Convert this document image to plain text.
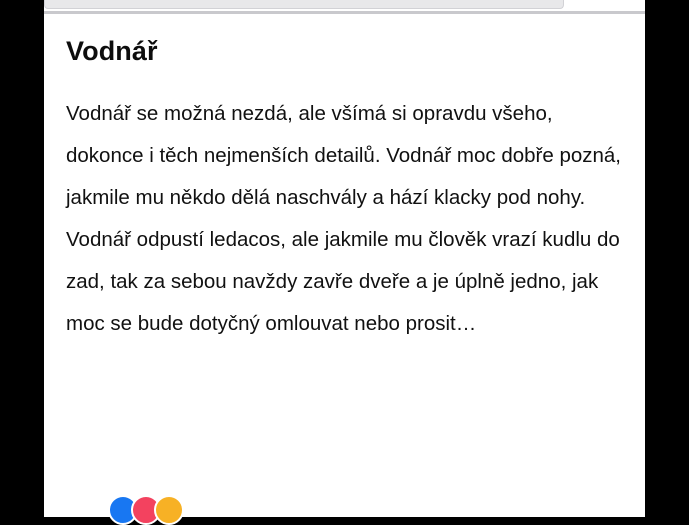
Vodnář

Vodnář se možná nezdá, ale všímá si opravdu všeho, dokonce i těch nejmenších detailů. Vodnář moc dobře pozná, jakmile mu někdo dělá naschvály a hází klacky pod nohy. Vodnář odpustí ledacos, ale jakmile mu člověk vrazí kudlu do zad, tak za sebou navždy zavře dveře a je úplně jedno, jak moc se bude dotyčný omlouvat nebo prosit…
